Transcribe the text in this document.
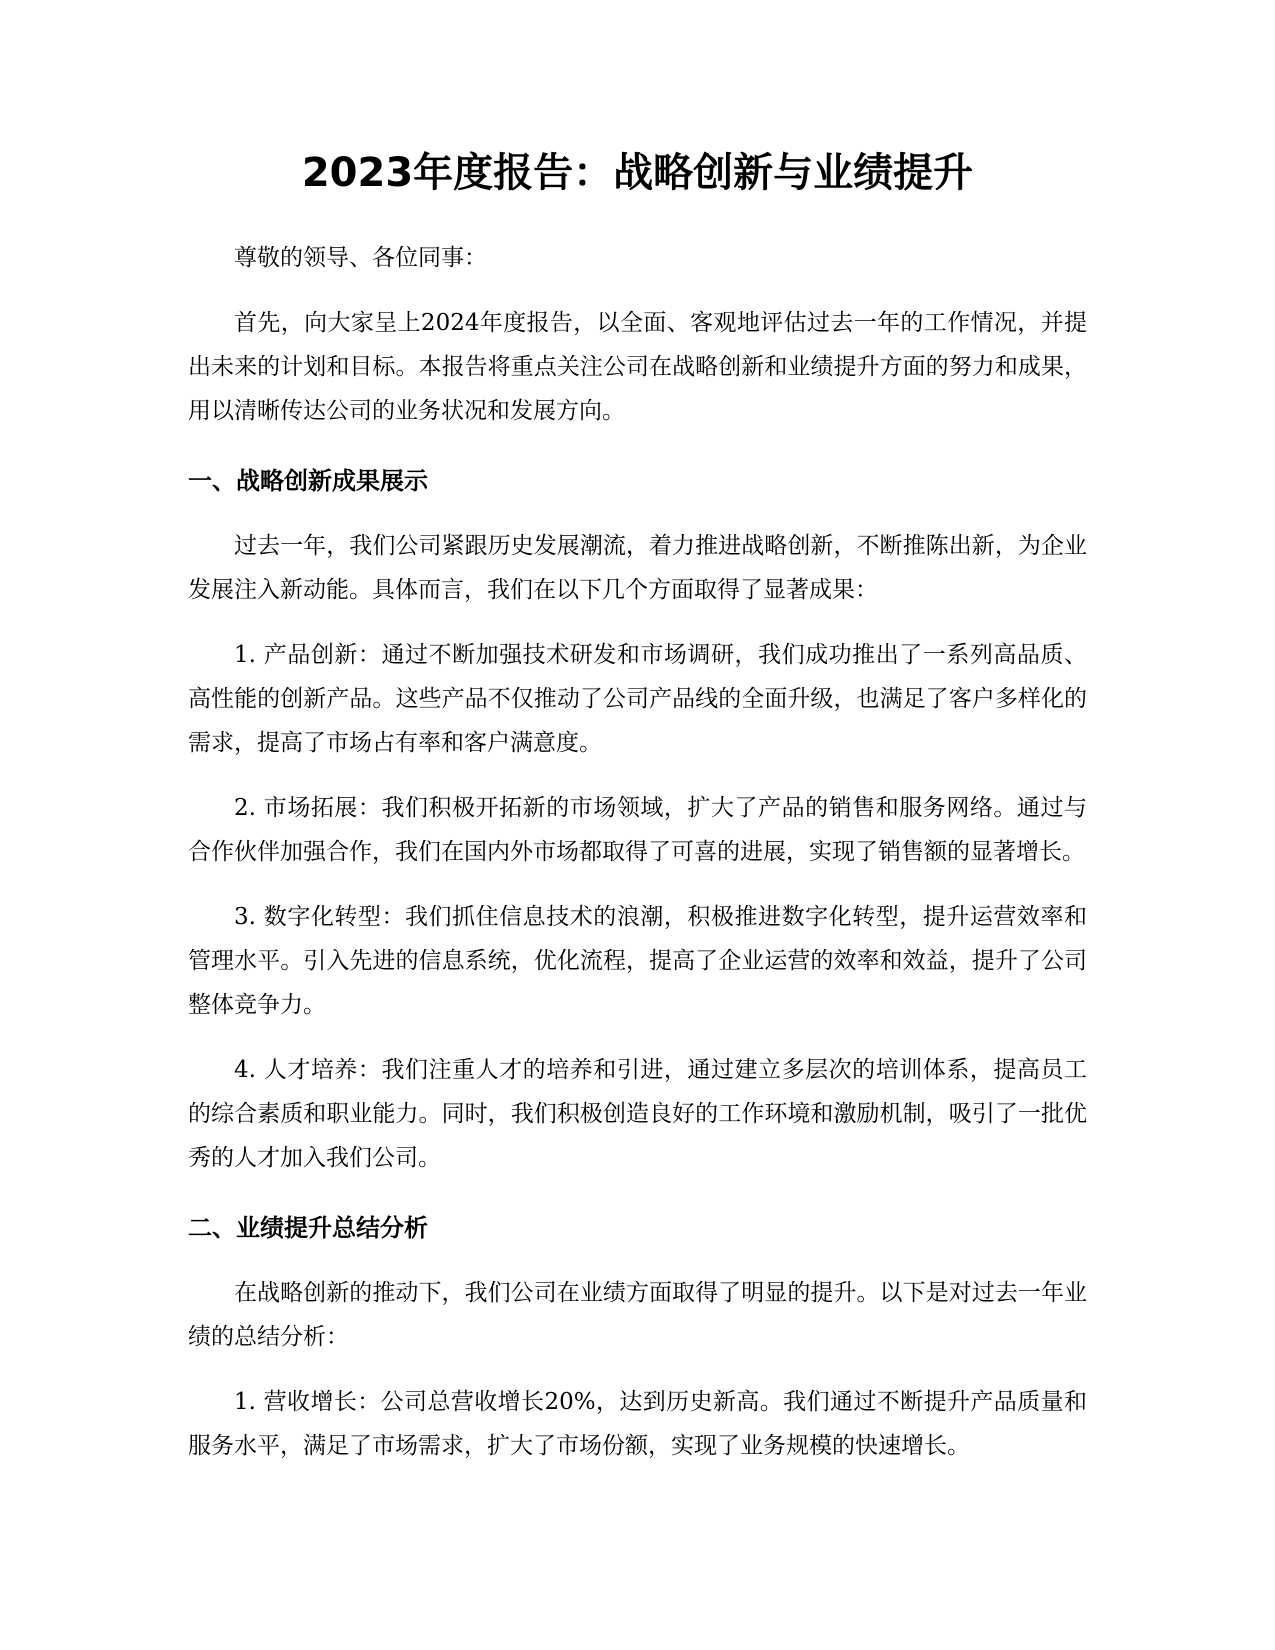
2023年度报告：战略创新与业绩提升

尊敬的领导、各位同事：

首先，向大家呈上2024年度报告，以全面、客观地评估过去一年的工作情况，并提出未来的计划和目标。本报告将重点关注公司在战略创新和业绩提升方面的努力和成果，用以清晰传达公司的业务状况和发展方向。

一、战略创新成果展示

过去一年，我们公司紧跟历史发展潮流，着力推进战略创新，不断推陈出新，为企业发展注入新动能。具体而言，我们在以下几个方面取得了显著成果：

1. 产品创新：通过不断加强技术研发和市场调研，我们成功推出了一系列高品质、高性能的创新产品。这些产品不仅推动了公司产品线的全面升级，也满足了客户多样化的需求，提高了市场占有率和客户满意度。

2. 市场拓展：我们积极开拓新的市场领域，扩大了产品的销售和服务网络。通过与合作伙伴加强合作，我们在国内外市场都取得了可喜的进展，实现了销售额的显著增长。

3. 数字化转型：我们抓住信息技术的浪潮，积极推进数字化转型，提升运营效率和管理水平。引入先进的信息系统，优化流程，提高了企业运营的效率和效益，提升了公司整体竞争力。

4. 人才培养：我们注重人才的培养和引进，通过建立多层次的培训体系，提高员工的综合素质和职业能力。同时，我们积极创造良好的工作环境和激励机制，吸引了一批优秀的人才加入我们公司。

二、业绩提升总结分析

在战略创新的推动下，我们公司在业绩方面取得了明显的提升。以下是对过去一年业绩的总结分析：

1. 营收增长：公司总营收增长20%，达到历史新高。我们通过不断提升产品质量和服务水平，满足了市场需求，扩大了市场份额，实现了业务规模的快速增长。
